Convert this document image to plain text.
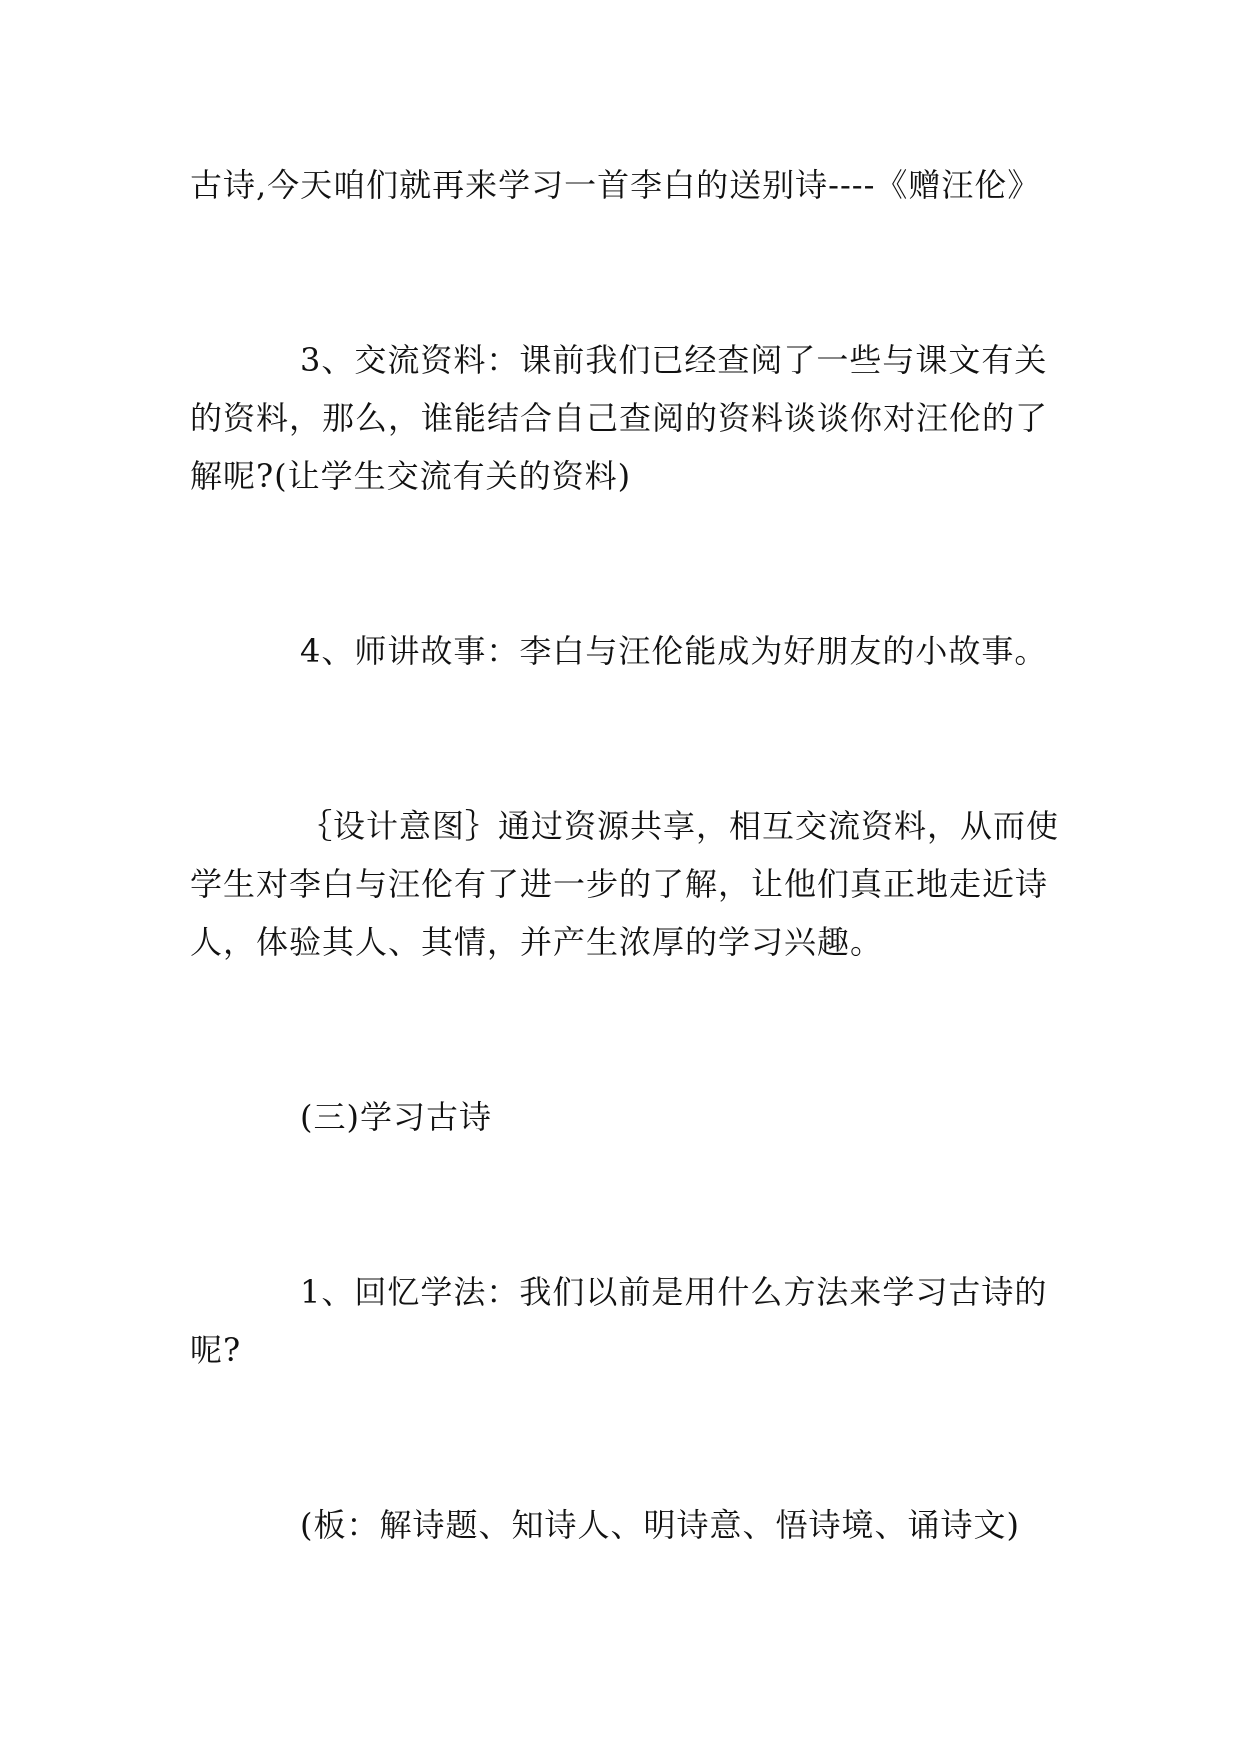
古诗,今天咱们就再来学习一首李白的送别诗----《赠汪伦》
3、交流资料：课前我们已经查阅了一些与课文有关
的资料，那么，谁能结合自己查阅的资料谈谈你对汪伦的了
解呢?(让学生交流有关的资料)
4、师讲故事：李白与汪伦能成为好朋友的小故事。
｛设计意图｝通过资源共享，相互交流资料，从而使
学生对李白与汪伦有了进一步的了解，让他们真正地走近诗
人，体验其人、其情，并产生浓厚的学习兴趣。
(三)学习古诗
1、回忆学法：我们以前是用什么方法来学习古诗的
呢?
(板：解诗题、知诗人、明诗意、悟诗境、诵诗文)
